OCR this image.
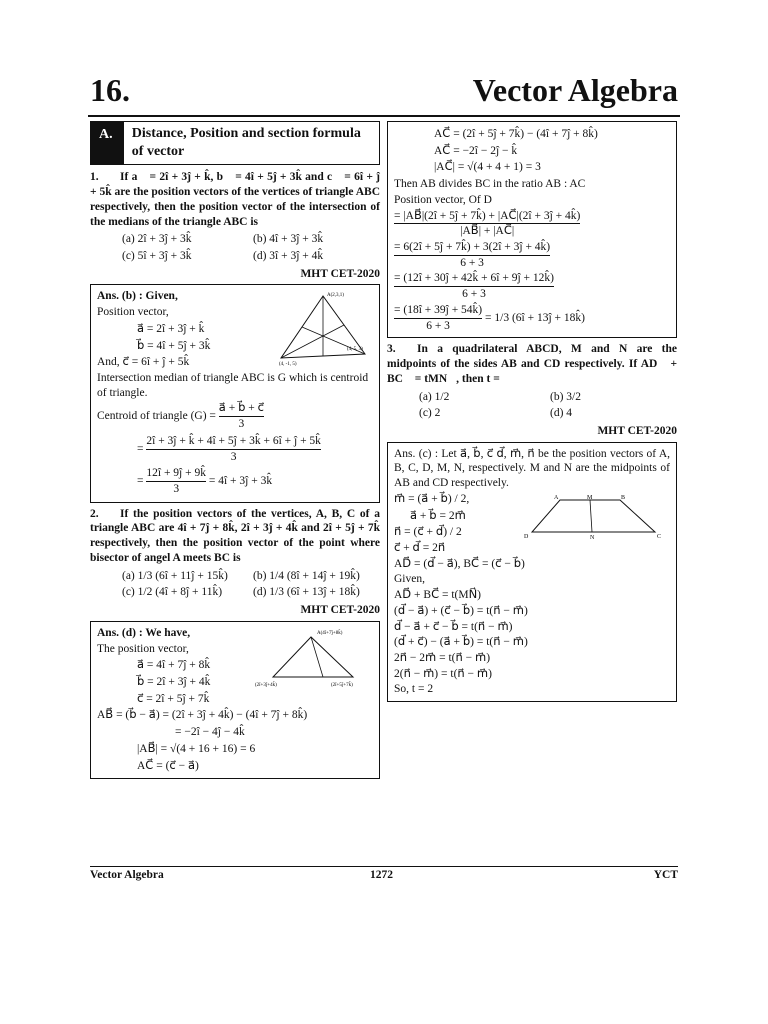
16.	Vector Algebra
A.	Distance, Position and section formula of vector
1. If a⃗ = 2î + 3ĵ + k̂, b⃗ = 4î + 5ĵ + 3k̂ and c⃗ = 6î + ĵ + 5k̂ are the position vectors of the vertices of triangle ABC respectively, then the position vector of the intersection of the medians of the triangle ABC is
(a) 2î + 3ĵ + 3k̂	(b) 4î + 3ĵ + 3k̂
(c) 5î + 3ĵ + 3k̂	(d) 3î + 3ĵ + 4k̂
MHT CET-2020
A(2,3,1)
(4, -1, 5)
(4, 5, 3)
Ans. (b) : Given,
Position vector,
a⃗ = 2î + 3ĵ + k̂
b⃗ = 4î + 5ĵ + 3k̂
And, c⃗ = 6î + ĵ + 5k̂
Intersection median of triangle ABC is G which is centroid of triangle.
Centroid of triangle $(G) = \frac{a⃗ + b⃗ + c⃗}{3}$
= $\frac{2î + 3ĵ + k̂ + 4î + 5ĵ + 3k̂ + 6î + ĵ + 5k̂}{3}$
= $\frac{12î + 9ĵ + 9k̂}{3}$ = 4î + 3ĵ + 3k̂
2. If the position vectors of the vertices, A, B, C of a triangle ABC are 4î + 7ĵ + 8k̂, 2î + 3ĵ + 4k̂ and 2î + 5ĵ + 7k̂ respectively, then the position vector of the point where bisector of angel A meets BC is
(a) 1/3 (6î + 11ĵ + 15k̂)	(b) 1/4 (8î + 14ĵ + 19k̂)
(c) 1/2 (4î + 8ĵ + 11k̂)	(d) 1/3 (6î + 13ĵ + 18k̂)
MHT CET-2020
A(4î+7ĵ+8k̂)
(2î+3ĵ+4k̂)	(2î+5ĵ+7k̂)
Ans. (d) : We have,
The position vector,
a⃗ = 4î + 7ĵ + 8k̂
b⃗ = 2î + 3ĵ + 4k̂
c⃗ = 2î + 5ĵ + 7k̂
AB⃗ = (b⃗ − a⃗) = (2î + 3ĵ + 4k̂) − (4î + 7ĵ + 8k̂)
= −2î − 4ĵ − 4k̂
|AB⃗| = √(4 + 16 + 16) = 6
AC⃗ = (c⃗ − a⃗)
AC⃗ = (2î + 5ĵ + 7k̂) − (4î + 7ĵ + 8k̂)
AC⃗ = −2î − 2ĵ − k̂
|AC⃗| = √(4 + 4 + 1) = 3
Then AB divides BC in the ratio AB : AC
Position vector, Of D
$\frac{= |AB⃗|(2î + 5ĵ + 7k̂) + |AC⃗|(2î + 3ĵ + 4k̂)}{|AB⃗| + |AC⃗|}$
$\frac{= 6(2î + 5ĵ + 7k̂) + 3(2î + 3ĵ + 4k̂)}{6 + 3}$
$\frac{= (12î + 30ĵ + 42k̂ + 6î + 9ĵ + 12k̂)}{6 + 3}$
$\frac{= (18î + 39ĵ + 54k̂)}{6 + 3} = 1/3$ (6î + 13ĵ + 18k̂)
3. In a quadrilateral ABCD, M and N are the midpoints of the sides AB and CD respectively. If AD⃗ + BC⃗ = tMN⃗, then t =
(a) 1/2	(b) 3/2
(c) 2	(d) 4
MHT CET-2020
Ans. (c) : Let a⃗, b⃗, c⃗ d⃗, m⃗, n⃗ be the position vectors of A, B, C, D, M, N, respectively. M and N are the midpoints of AB and CD respectively.
A	M	B
D	N	C
m⃗ = (a⃗ + b⃗) / 2,
a⃗ + b⃗ = 2m⃗
n⃗ = (c⃗ + d⃗) / 2
c⃗ + d⃗ = 2n⃗
AD⃗ = (d⃗ − a⃗), BC⃗ = (c⃗ − b⃗)
Given,
AD⃗ + BC⃗ = t(MN⃗)
(d⃗ − a⃗) + (c⃗ − b⃗) = t(n⃗ − m⃗)
d⃗ − a⃗ + c⃗ − b⃗ = t(n⃗ − m⃗)
(d⃗ + c⃗) − (a⃗ + b⃗) = t(n⃗ − m⃗)
2n⃗ − 2m⃗ = t(n⃗ − m⃗)
2(n⃗ − m⃗) = t(n⃗ − m⃗)
So, t = 2
Vector Algebra	1272	YCT
